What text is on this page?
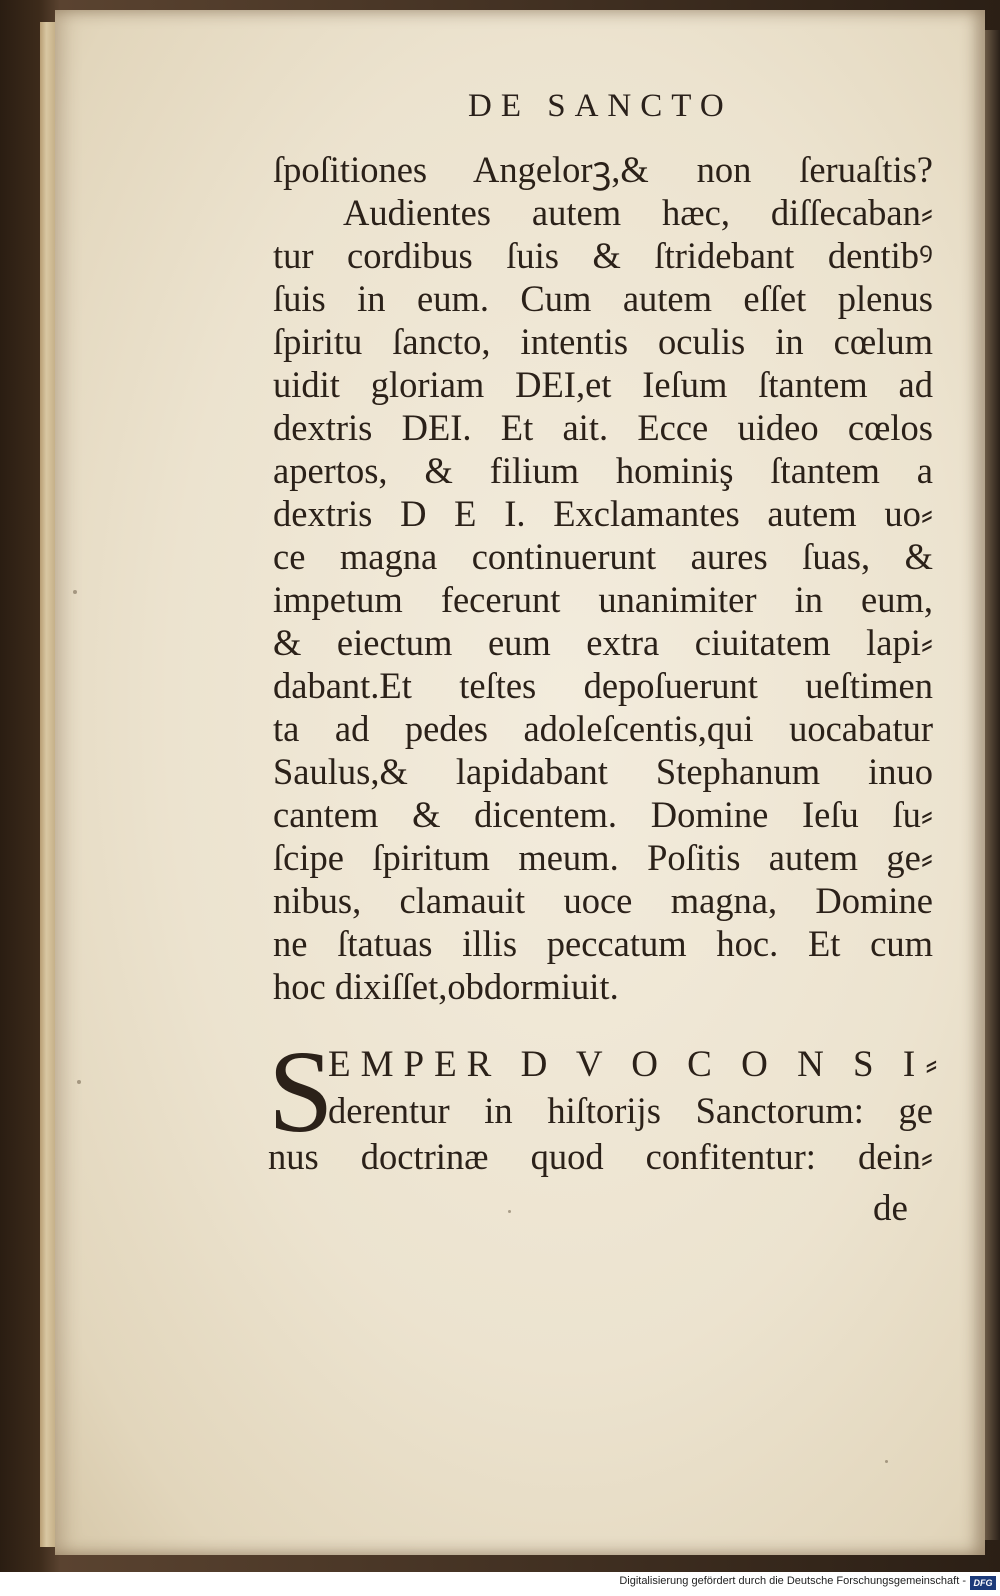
DE SANCTO
ſpoſitiones Angelorꝫ,& non ſeruaſtis?
Audientes autem hæc, diſſecaban⸗
tur cordibus ſuis & ſtridebant dentibꝰ
ſuis in eum. Cum autem eſſet plenus
ſpiritu ſancto, intentis oculis in cœlum
uidit gloriam DEI,et Ieſum ſtantem ad
dextris DEI. Et ait. Ecce uideo cœlos
apertos, & filium hominiş ſtantem a
dextris D E I. Exclamantes autem uo⸗
ce magna continuerunt aures ſuas, &
impetum fecerunt unanimiter in eum,
& eiectum eum extra ciuitatem lapi⸗
dabant.Et teſtes depoſuerunt ueſtimen
ta ad pedes adoleſcentis,qui uocabatur
Saulus,& lapidabant Stephanum inuo
cantem & dicentem. Domine Ieſu ſu⸗
ſcipe ſpiritum meum. Poſitis autem ge⸗
nibus, clamauit uoce magna, Domine
ne ſtatuas illis peccatum hoc. Et cum
hoc dixiſſet,obdormiuit.
S
EMPER D V O C O N S I⸗
derentur in hiſtorijs Sanctorum: ge
nus doctrinæ quod confitentur: dein⸗
de
Digitalisierung gefördert durch die Deutsche Forschungsgemeinschaft - DFG
